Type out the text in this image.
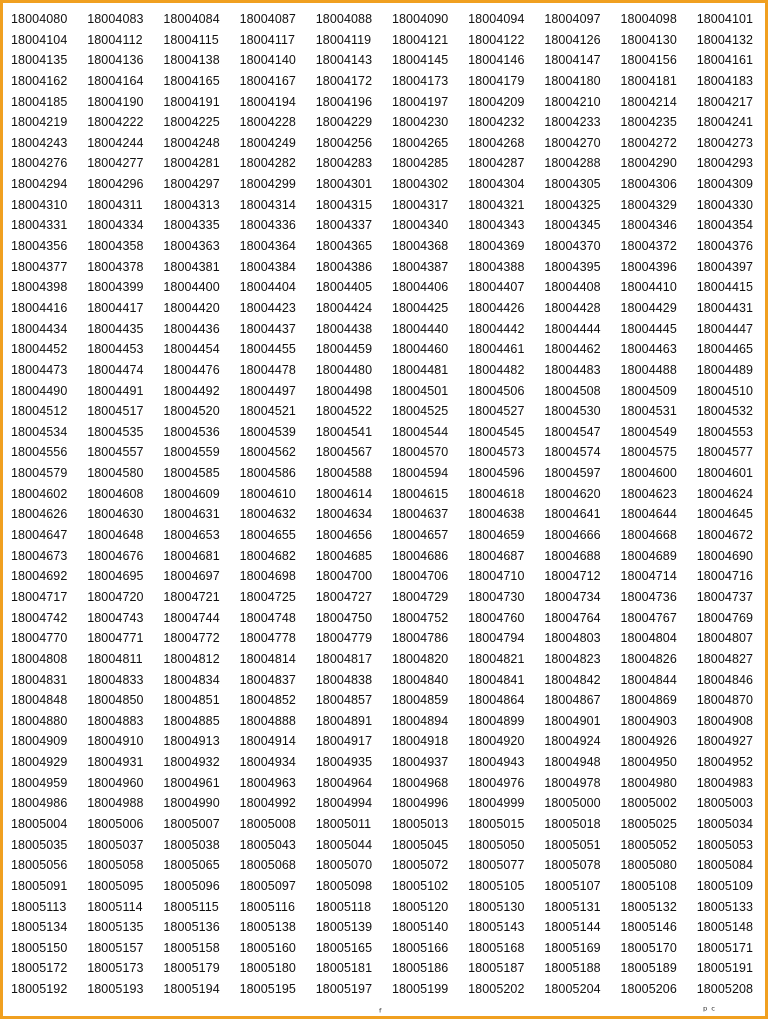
18004080	18004083	18004084	18004087	18004088	18004090	18004094	18004097	18004098	18004101
18004104	18004112	18004115	18004117	18004119	18004121	18004122	18004126	18004130	18004132
18004135	18004136	18004138	18004140	18004143	18004145	18004146	18004147	18004156	18004161
18004162	18004164	18004165	18004167	18004172	18004173	18004179	18004180	18004181	18004183
18004185	18004190	18004191	18004194	18004196	18004197	18004209	18004210	18004214	18004217
18004219	18004222	18004225	18004228	18004229	18004230	18004232	18004233	18004235	18004241
18004243	18004244	18004248	18004249	18004256	18004265	18004268	18004270	18004272	18004273
18004276	18004277	18004281	18004282	18004283	18004285	18004287	18004288	18004290	18004293
18004294	18004296	18004297	18004299	18004301	18004302	18004304	18004305	18004306	18004309
18004310	18004311	18004313	18004314	18004315	18004317	18004321	18004325	18004329	18004330
18004331	18004334	18004335	18004336	18004337	18004340	18004343	18004345	18004346	18004354
18004356	18004358	18004363	18004364	18004365	18004368	18004369	18004370	18004372	18004376
18004377	18004378	18004381	18004384	18004386	18004387	18004388	18004395	18004396	18004397
18004398	18004399	18004400	18004404	18004405	18004406	18004407	18004408	18004410	18004415
18004416	18004417	18004420	18004423	18004424	18004425	18004426	18004428	18004429	18004431
18004434	18004435	18004436	18004437	18004438	18004440	18004442	18004444	18004445	18004447
18004452	18004453	18004454	18004455	18004459	18004460	18004461	18004462	18004463	18004465
18004473	18004474	18004476	18004478	18004480	18004481	18004482	18004483	18004488	18004489
18004490	18004491	18004492	18004497	18004498	18004501	18004506	18004508	18004509	18004510
18004512	18004517	18004520	18004521	18004522	18004525	18004527	18004530	18004531	18004532
18004534	18004535	18004536	18004539	18004541	18004544	18004545	18004547	18004549	18004553
18004556	18004557	18004559	18004562	18004567	18004570	18004573	18004574	18004575	18004577
18004579	18004580	18004585	18004586	18004588	18004594	18004596	18004597	18004600	18004601
18004602	18004608	18004609	18004610	18004614	18004615	18004618	18004620	18004623	18004624
18004626	18004630	18004631	18004632	18004634	18004637	18004638	18004641	18004644	18004645
18004647	18004648	18004653	18004655	18004656	18004657	18004659	18004666	18004668	18004672
18004673	18004676	18004681	18004682	18004685	18004686	18004687	18004688	18004689	18004690
18004692	18004695	18004697	18004698	18004700	18004706	18004710	18004712	18004714	18004716
18004717	18004720	18004721	18004725	18004727	18004729	18004730	18004734	18004736	18004737
18004742	18004743	18004744	18004748	18004750	18004752	18004760	18004764	18004767	18004769
18004770	18004771	18004772	18004778	18004779	18004786	18004794	18004803	18004804	18004807
18004808	18004811	18004812	18004814	18004817	18004820	18004821	18004823	18004826	18004827
18004831	18004833	18004834	18004837	18004838	18004840	18004841	18004842	18004844	18004846
18004848	18004850	18004851	18004852	18004857	18004859	18004864	18004867	18004869	18004870
18004880	18004883	18004885	18004888	18004891	18004894	18004899	18004901	18004903	18004908
18004909	18004910	18004913	18004914	18004917	18004918	18004920	18004924	18004926	18004927
18004929	18004931	18004932	18004934	18004935	18004937	18004943	18004948	18004950	18004952
18004959	18004960	18004961	18004963	18004964	18004968	18004976	18004978	18004980	18004983
18004986	18004988	18004990	18004992	18004994	18004996	18004999	18005000	18005002	18005003
18005004	18005006	18005007	18005008	18005011	18005013	18005015	18005018	18005025	18005034
18005035	18005037	18005038	18005043	18005044	18005045	18005050	18005051	18005052	18005053
18005056	18005058	18005065	18005068	18005070	18005072	18005077	18005078	18005080	18005084
18005091	18005095	18005096	18005097	18005098	18005102	18005105	18005107	18005108	18005109
18005113	18005114	18005115	18005116	18005118	18005120	18005130	18005131	18005132	18005133
18005134	18005135	18005136	18005138	18005139	18005140	18005143	18005144	18005146	18005148
18005150	18005157	18005158	18005160	18005165	18005166	18005168	18005169	18005170	18005171
18005172	18005173	18005179	18005180	18005181	18005186	18005187	18005188	18005189	18005191
18005192	18005193	18005194	18005195	18005197	18005199	18005202	18005204	18005206	18005208
ᶠ	ᵖ ᶜ
